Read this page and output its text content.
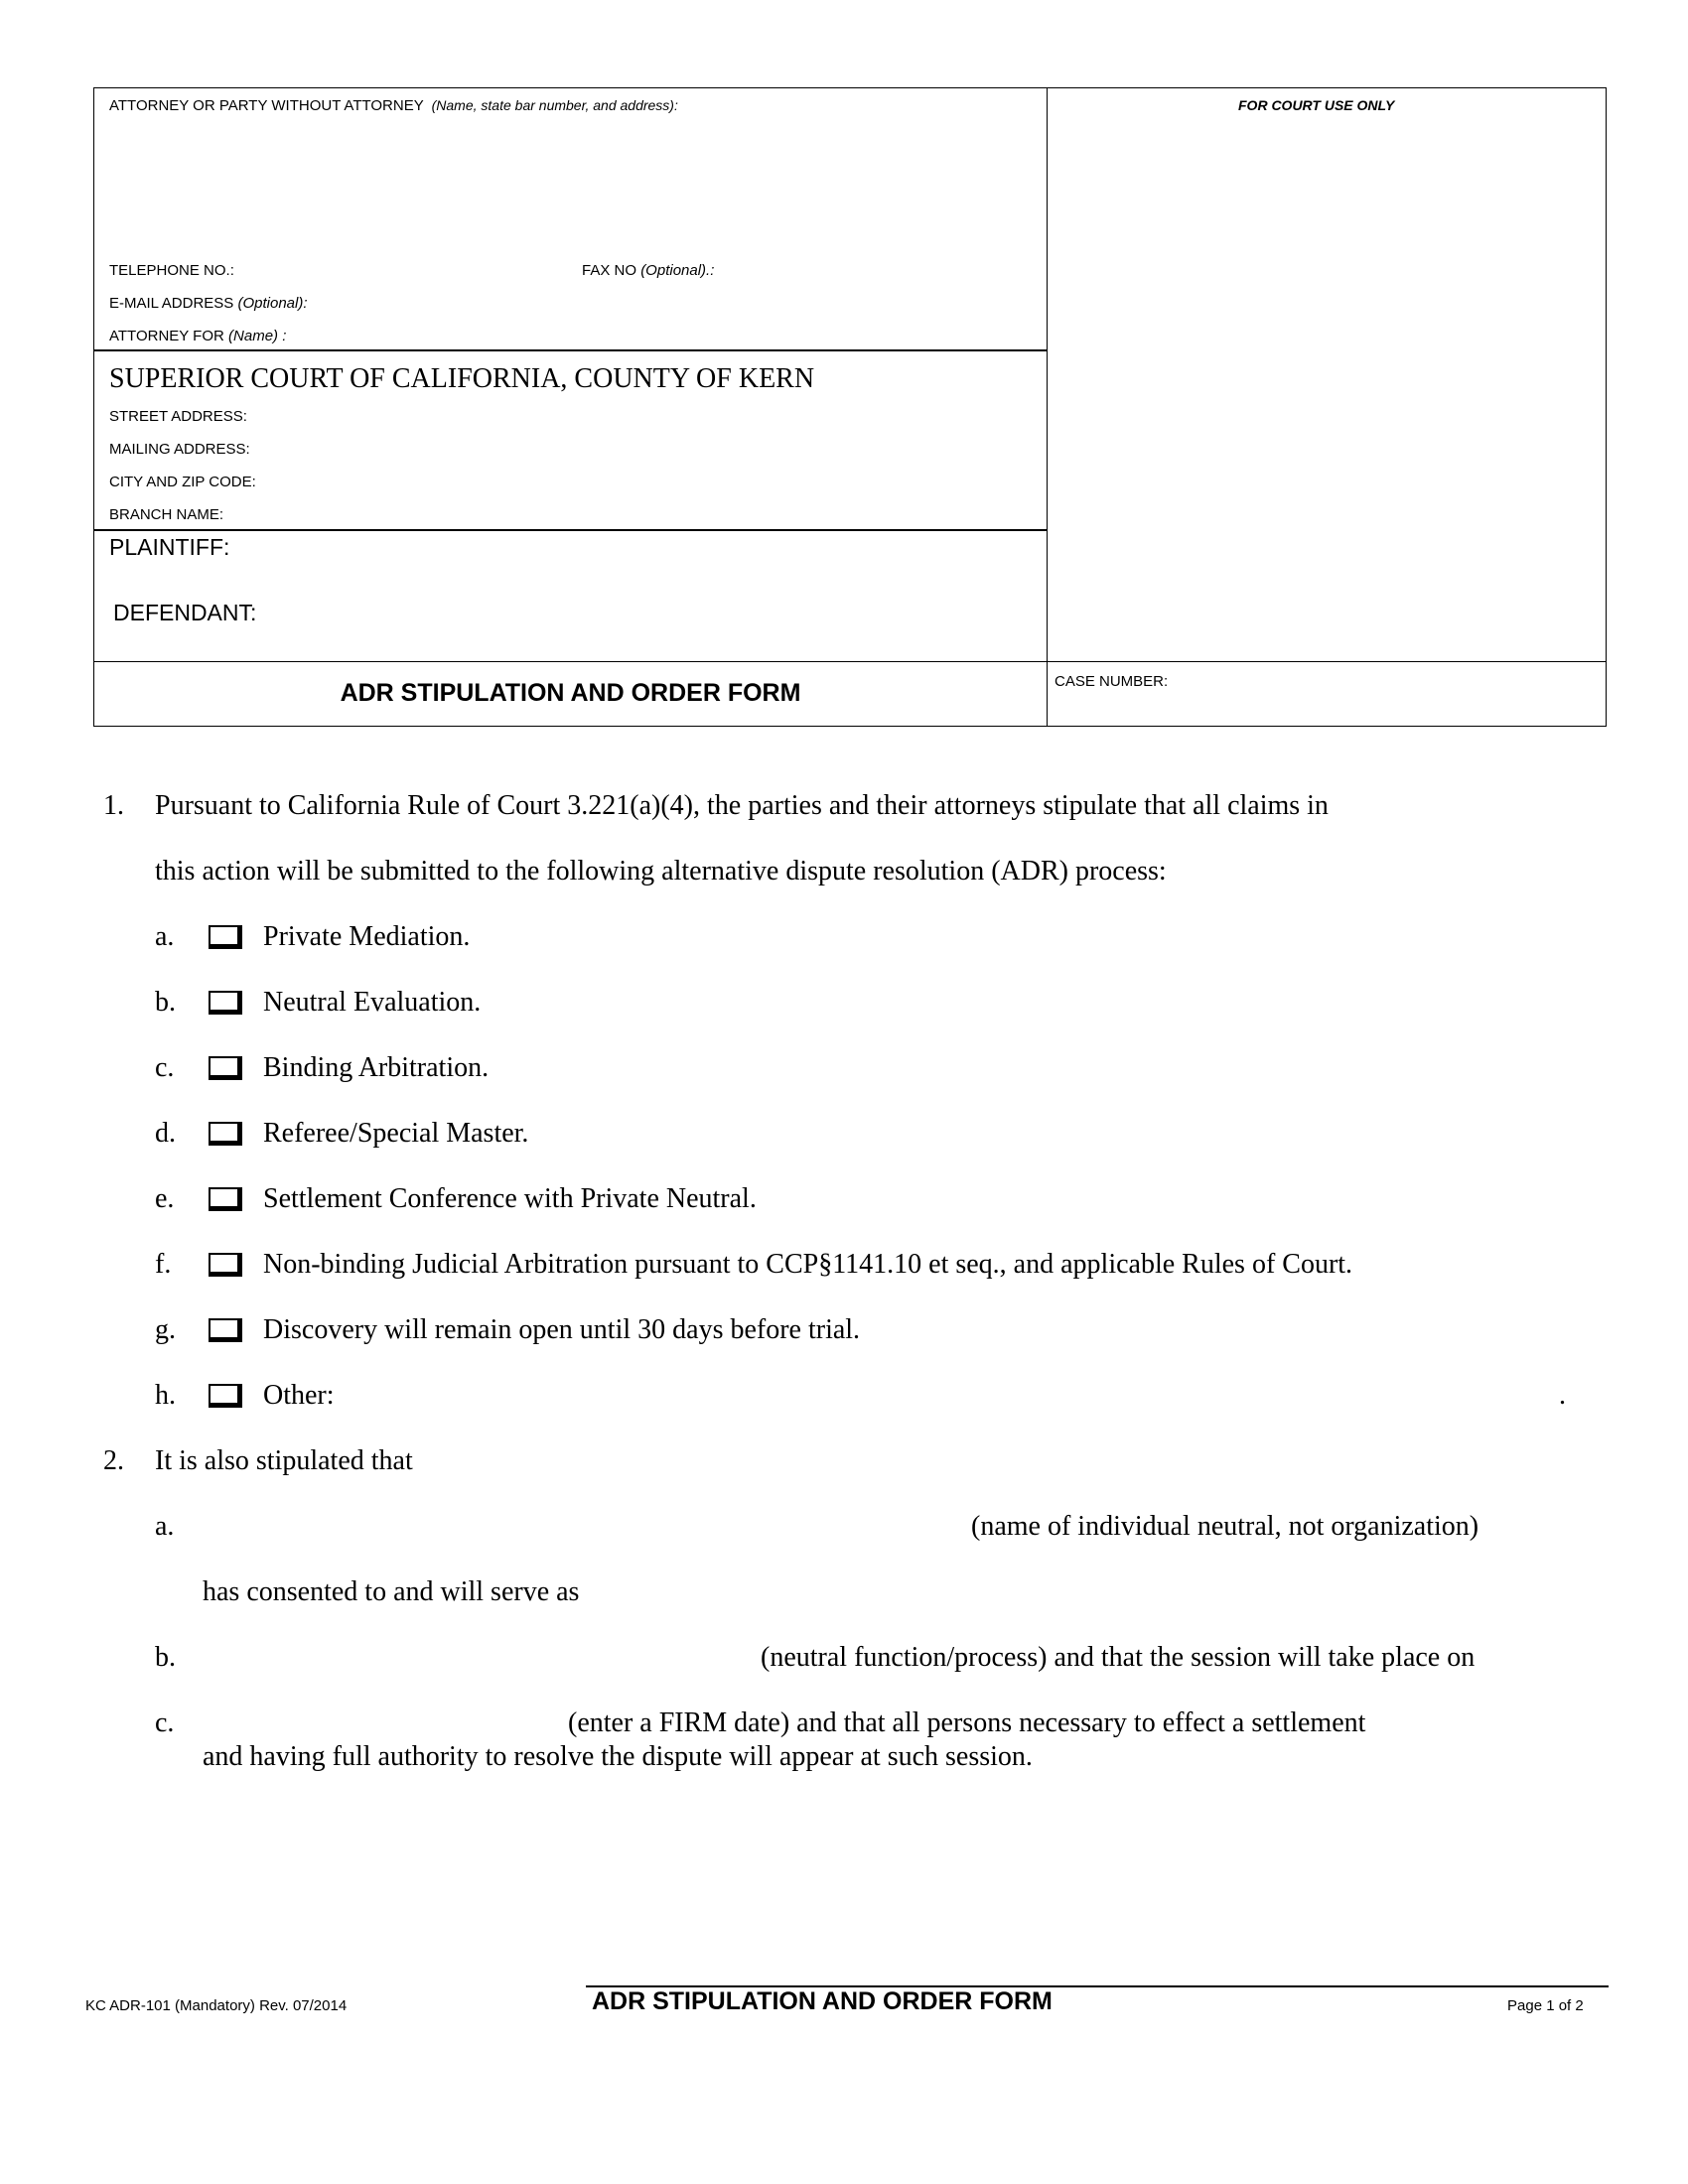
ATTORNEY OR PARTY WITHOUT ATTORNEY (Name, state bar number, and address):	FOR COURT USE ONLY
TELEPHONE NO.:	FAX NO (Optional).:
E-MAIL ADDRESS (Optional):
ATTORNEY FOR (Name) :
SUPERIOR COURT OF CALIFORNIA, COUNTY OF KERN
STREET ADDRESS:
MAILING ADDRESS:
CITY AND ZIP CODE:
BRANCH NAME:
PLAINTIFF:
DEFENDANT:
ADR STIPULATION AND ORDER FORM	CASE NUMBER:
1. Pursuant to California Rule of Court 3.221(a)(4), the parties and their attorneys stipulate that all claims in
this action will be submitted to the following alternative dispute resolution (ADR) process:
a.	Private Mediation.
b.	Neutral Evaluation.
c.	Binding Arbitration.
d.	Referee/Special Master.
e.	Settlement Conference with Private Neutral.
f.	Non-binding Judicial Arbitration pursuant to CCP§1141.10 et seq., and applicable Rules of Court.
g.	Discovery will remain open until 30 days before trial.
h.	Other:	.
2. It is also stipulated that
a.	(name of individual neutral, not organization)
has consented to and will serve as
b.	(neutral function/process) and that the session will take place on
c.	(enter a FIRM date) and that all persons necessary to effect a settlement
and having full authority to resolve the dispute will appear at such session.
KC ADR-101 (Mandatory) Rev. 07/2014	ADR STIPULATION AND ORDER FORM	Page 1 of 2
